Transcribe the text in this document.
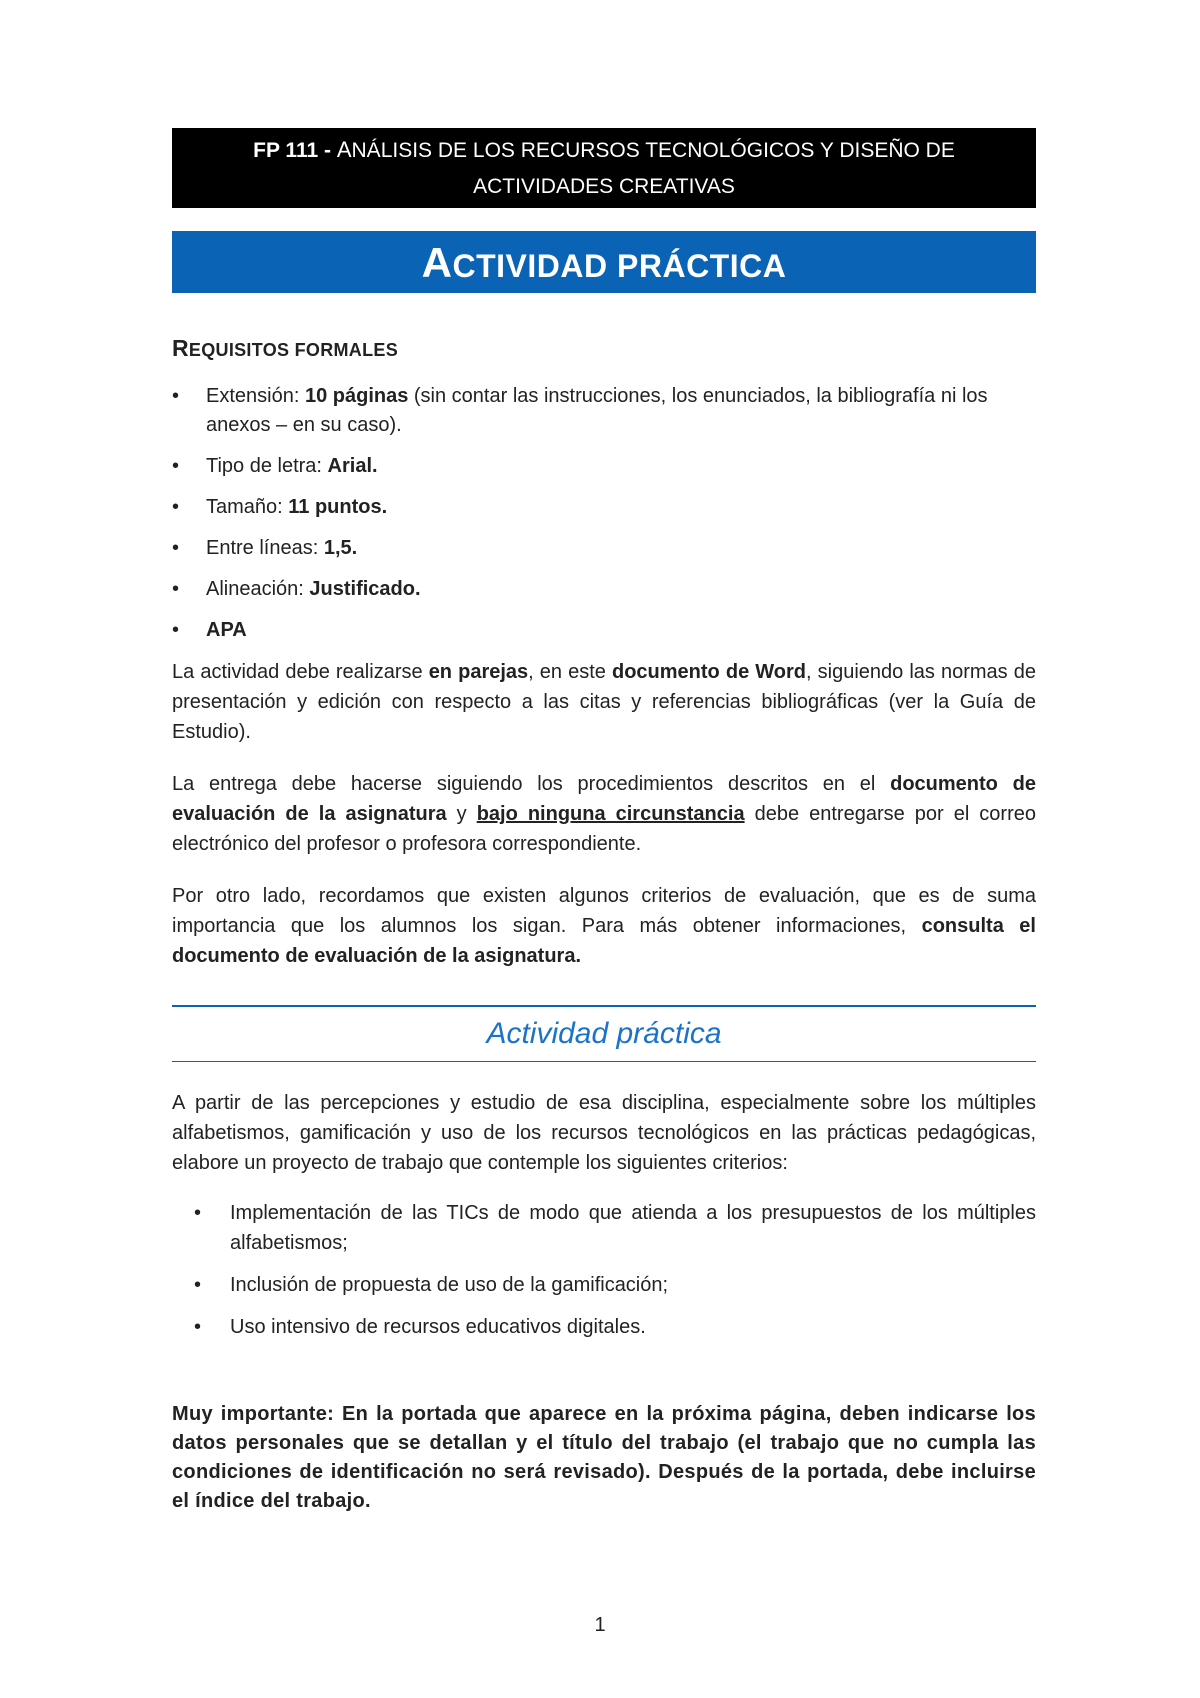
FP 111 - ANÁLISIS DE LOS RECURSOS TECNOLÓGICOS Y DISEÑO DE ACTIVIDADES CREATIVAS
ACTIVIDAD PRÁCTICA
REQUISITOS FORMALES
• Extensión: 10 páginas (sin contar las instrucciones, los enunciados, la bibliografía ni los anexos – en su caso).
• Tipo de letra: Arial.
• Tamaño: 11 puntos.
• Entre líneas: 1,5.
• Alineación: Justificado.
• APA

La actividad debe realizarse en parejas, en este documento de Word, siguiendo las normas de presentación y edición con respecto a las citas y referencias bibliográficas (ver la Guía de Estudio).

La entrega debe hacerse siguiendo los procedimientos descritos en el documento de evaluación de la asignatura y bajo ninguna circunstancia debe entregarse por el correo electrónico del profesor o profesora correspondiente.

Por otro lado, recordamos que existen algunos criterios de evaluación, que es de suma importancia que los alumnos los sigan. Para más obtener informaciones, consulta el documento de evaluación de la asignatura.

Actividad práctica

A partir de las percepciones y estudio de esa disciplina, especialmente sobre los múltiples alfabetismos, gamificación y uso de los recursos tecnológicos en las prácticas pedagógicas, elabore un proyecto de trabajo que contemple los siguientes criterios:

• Implementación de las TICs de modo que atienda a los presupuestos de los múltiples alfabetismos;
• Inclusión de propuesta de uso de la gamificación;
• Uso intensivo de recursos educativos digitales.

Muy importante: En la portada que aparece en la próxima página, deben indicarse los datos personales que se detallan y el título del trabajo (el trabajo que no cumpla las condiciones de identificación no será revisado). Después de la portada, debe incluirse el índice del trabajo.

1
